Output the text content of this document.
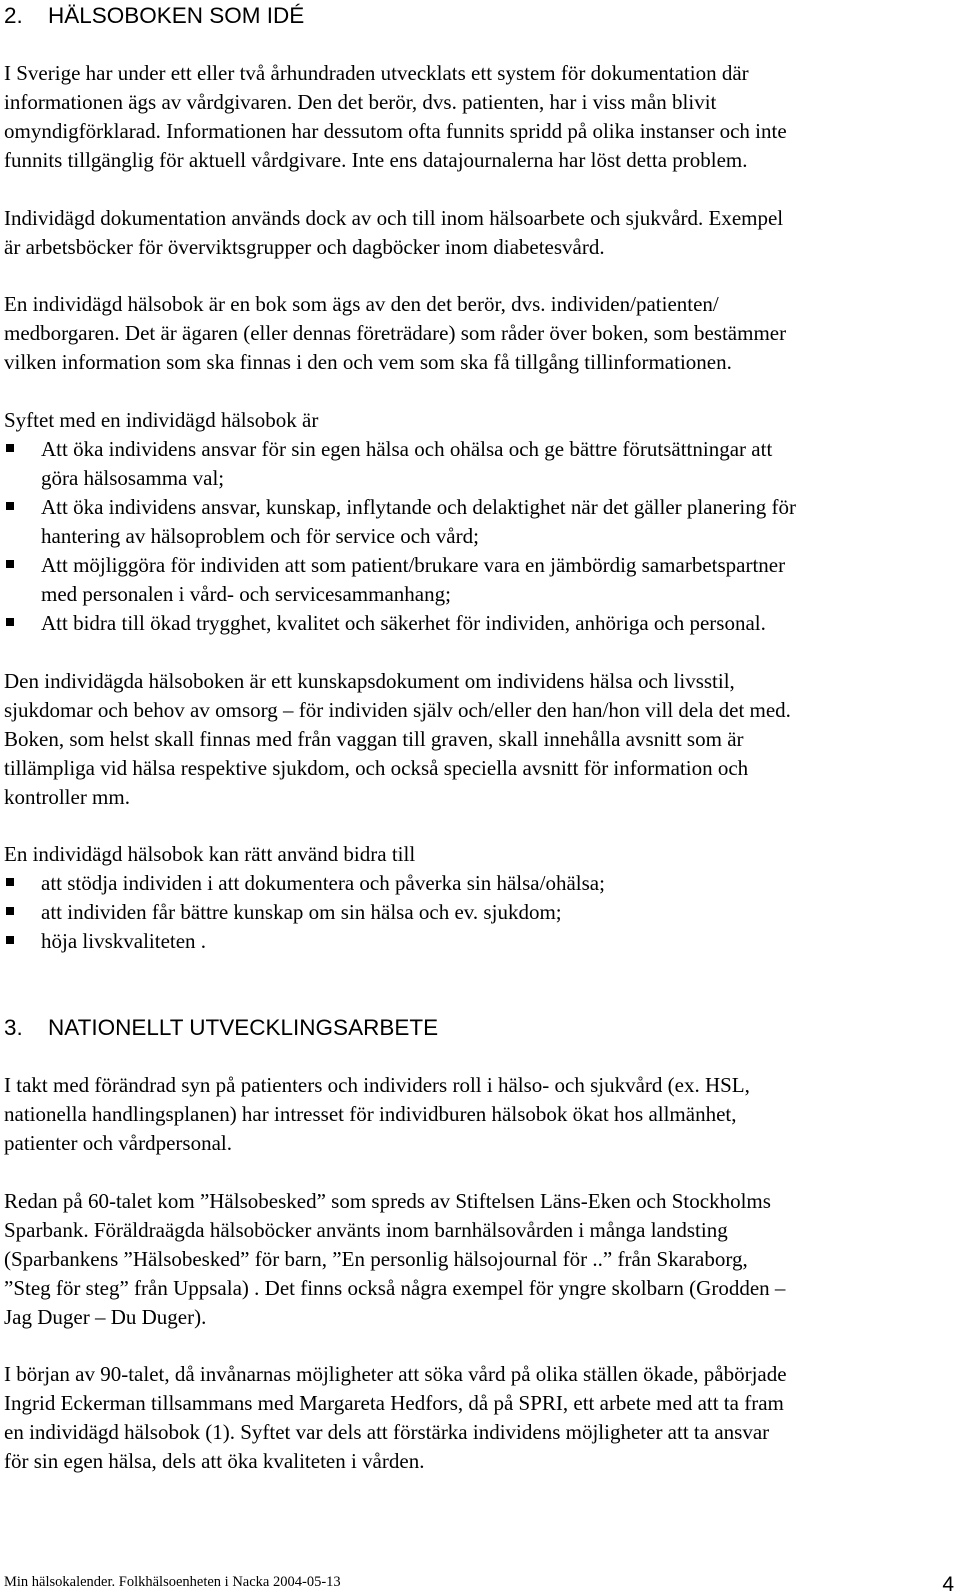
2. HÄLSOBOKEN SOM IDÉ

I Sverige har under ett eller två århundraden utvecklats ett system för dokumentation där
informationen ägs av vårdgivaren. Den det berör, dvs. patienten, har i viss mån blivit
omyndigförklarad. Informationen har dessutom ofta funnits spridd på olika instanser och inte
funnits tillgänglig för aktuell vårdgivare. Inte ens datajournalerna har löst detta problem.

Individägd dokumentation används dock av och till inom hälsoarbete och sjukvård. Exempel
är arbetsböcker för överviktsgrupper och dagböcker inom diabetesvård.

En individägd hälsobok är en bok som ägs av den det berör, dvs. individen/patienten/
medborgaren. Det är ägaren (eller dennas företrädare) som råder över boken, som bestämmer
vilken information som ska finnas i den och vem som ska få tillgång tillinformationen.

Syftet med en individägd hälsobok är

Att öka individens ansvar för sin egen hälsa och ohälsa och ge bättre förutsättningar att
göra hälsosamma val;
Att öka individens ansvar, kunskap, inflytande och delaktighet när det gäller planering för
hantering av hälsoproblem och för service och vård;
Att möjliggöra för individen att som patient/brukare vara en jämbördig samarbetspartner
med personalen i vård- och servicesammanhang;
Att bidra till ökad trygghet, kvalitet och säkerhet för individen, anhöriga och personal.

Den individägda hälsoboken är ett kunskapsdokument om individens hälsa och livsstil,
sjukdomar och behov av omsorg – för individen själv och/eller den han/hon vill dela det med.
Boken, som helst skall finnas med från vaggan till graven, skall innehålla avsnitt som är
tillämpliga vid hälsa respektive sjukdom, och också speciella avsnitt för information och
kontroller mm.

En individägd hälsobok kan rätt använd bidra till

att stödja individen i att dokumentera och påverka sin hälsa/ohälsa;
att individen får bättre kunskap om sin hälsa och ev. sjukdom;
höja livskvaliteten .
3. NATIONELLT UTVECKLINGSARBETE

I takt med förändrad syn på patienters och individers roll i hälso- och sjukvård (ex. HSL,
nationella handlingsplanen) har intresset för individburen hälsobok ökat hos allmänhet,
patienter och vårdpersonal.

Redan på 60-talet kom ”Hälsobesked” som spreds av Stiftelsen Läns-Eken och Stockholms
Sparbank. Föräldraägda hälsoböcker använts inom barnhälsovården i många landsting
(Sparbankens ”Hälsobesked” för barn, ”En personlig hälsojournal för ..” från Skaraborg,
”Steg för steg” från Uppsala) . Det finns också några exempel för yngre skolbarn (Grodden –
Jag Duger – Du Duger).

I början av 90-talet, då invånarnas möjligheter att söka vård på olika ställen ökade, påbörjade
Ingrid Eckerman tillsammans med Margareta Hedfors, då på SPRI, ett arbete med att ta fram
en individägd hälsobok (1). Syftet var dels att förstärka individens möjligheter att ta ansvar
för sin egen hälsa, dels att öka kvaliteten i vården.

Min hälsokalender. Folkhälsoenheten i Nacka 2004-05-13	4
